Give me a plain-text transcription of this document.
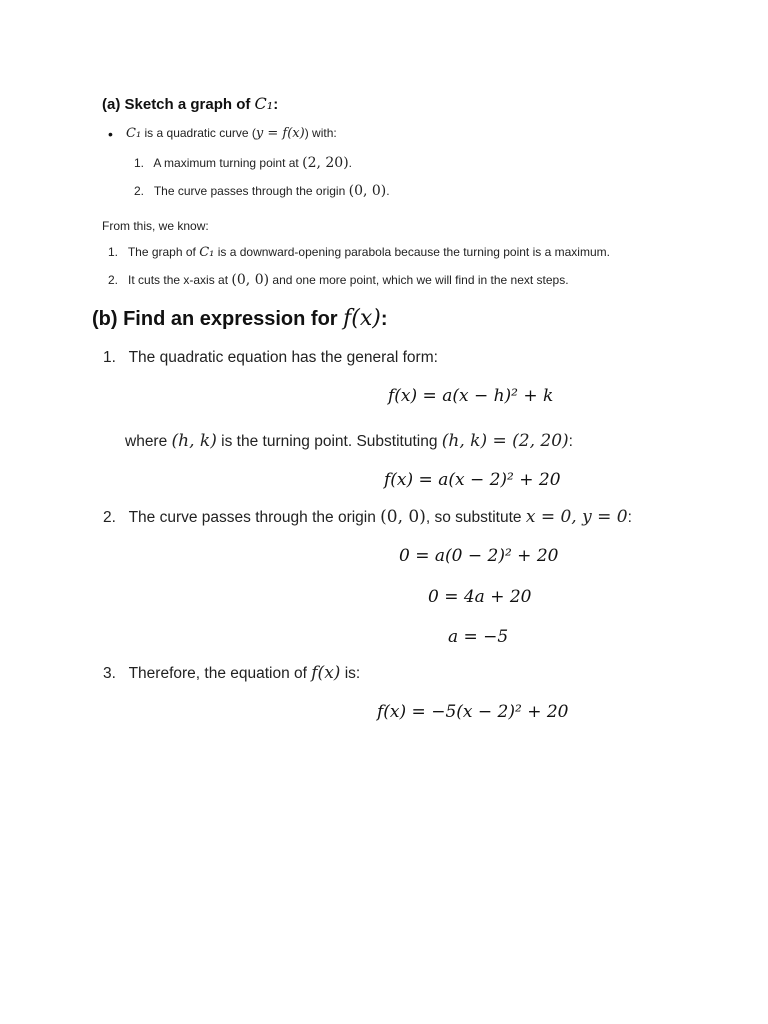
(a) Sketch a graph of C₁:
• C₁ is a quadratic curve (y = f(x)) with:
1. A maximum turning point at (2, 20).
2. The curve passes through the origin (0, 0).
From this, we know:
1. The graph of C₁ is a downward-opening parabola because the turning point is a maximum.
2. It cuts the x-axis at (0, 0) and one more point, which we will find in the next steps.
(b) Find an expression for f(x):
1. The quadratic equation has the general form:
f(x) = a(x − h)² + k
where (h, k) is the turning point. Substituting (h, k) = (2, 20):
f(x) = a(x − 2)² + 20
2. The curve passes through the origin (0, 0), so substitute x = 0, y = 0:
0 = a(0 − 2)² + 20
0 = 4a + 20
a = −5
3. Therefore, the equation of f(x) is:
f(x) = −5(x − 2)² + 20
